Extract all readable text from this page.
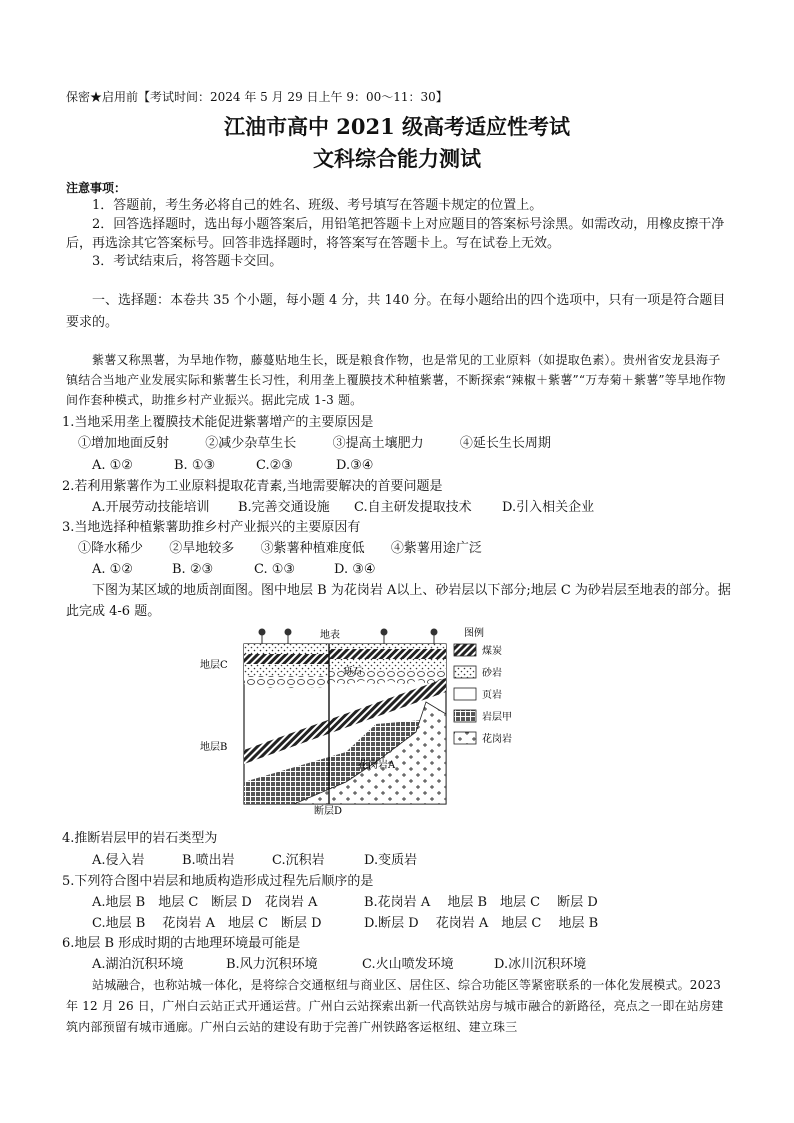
保密★启用前【考试时间：2024 年 5 月 29 日上午 9：00～11：30】
江油市高中 2021 级高考适应性考试
文科综合能力测试
注意事项：
1．答题前，考生务必将自己的姓名、班级、考号填写在答题卡规定的位置上。
2．回答选择题时，选出每小题答案后，用铅笔把答题卡上对应题目的答案标号涂黑。如需改动，用橡皮擦干净后，再选涂其它答案标号。回答非选择题时，将答案写在答题卡上。写在试卷上无效。
3．考试结束后，将答题卡交回。
一、选择题：本卷共 35 个小题，每小题 4 分，共 140 分。在每小题给出的四个选项中，只有一项是符合题目要求的。
紫薯又称黑薯，为旱地作物，藤蔓贴地生长，既是粮食作物，也是常见的工业原料（如提取色素）。贵州省安龙县海子镇结合当地产业发展实际和紫薯生长习性，利用垄上覆膜技术种植紫薯，不断探索“辣椒＋紫薯”“万寿菊＋紫薯”等旱地作物间作套种模式，助推乡村产业振兴。据此完成 1-3 题。
1.当地采用垄上覆膜技术能促进紫薯增产的主要原因是
①增加地面反射	②减少杂草生长	③提高土壤肥力	④延长生长周期
A. ①②	B. ①③	C.②③	D.③④
2.若利用紫薯作为工业原料提取花青素,当地需要解决的首要问题是
A.开展劳动技能培训 B.完善交通设施 C.自主研发提取技术 D.引入相关企业
3.当地选择种植紫薯助推乡村产业振兴的主要原因有
①降水稀少 ②旱地较多 ③紫薯种植难度低 ④紫薯用途广泛
A. ①②	B. ②③	C. ①③	D. ③④
下图为某区域的地质剖面图。图中地层 B 为花岗岩 A以上、砂岩层以下部分;地层 C 为砂岩层至地表的部分。据此完成 4-6 题。
地表
地层C
地层B
砾石
花岗岩A
断层D
图例
煤炭
砂岩
页岩
岩层甲
花岗岩
4.推断岩层甲的岩石类型为
A.侵入岩	B.喷出岩	C.沉积岩	D.变质岩
5.下列符合图中岩层和地质构造形成过程先后顺序的是
A.地层 B　地层 C　断层 D　花岗岩 A	B.花岗岩 A　 地层 B　地层 C　 断层 D
C.地层 B　 花岗岩 A　地层 C　断层 D	D.断层 D　 花岗岩 A　地层 C　 地层 B
6.地层 B 形成时期的古地理环境最可能是
A.湖泊沉积环境	B.风力沉积环境	C.火山喷发环境	D.冰川沉积环境
站城融合，也称站城一体化，是将综合交通枢纽与商业区、居住区、综合功能区等紧密联系的一体化发展模式。2023 年 12 月 26 日，广州白云站正式开通运营。广州白云站探索出新一代高铁站房与城市融合的新路径，亮点之一即在站房建筑内部预留有城市通廊。广州白云站的建设有助于完善广州铁路客运枢纽、建立珠三
